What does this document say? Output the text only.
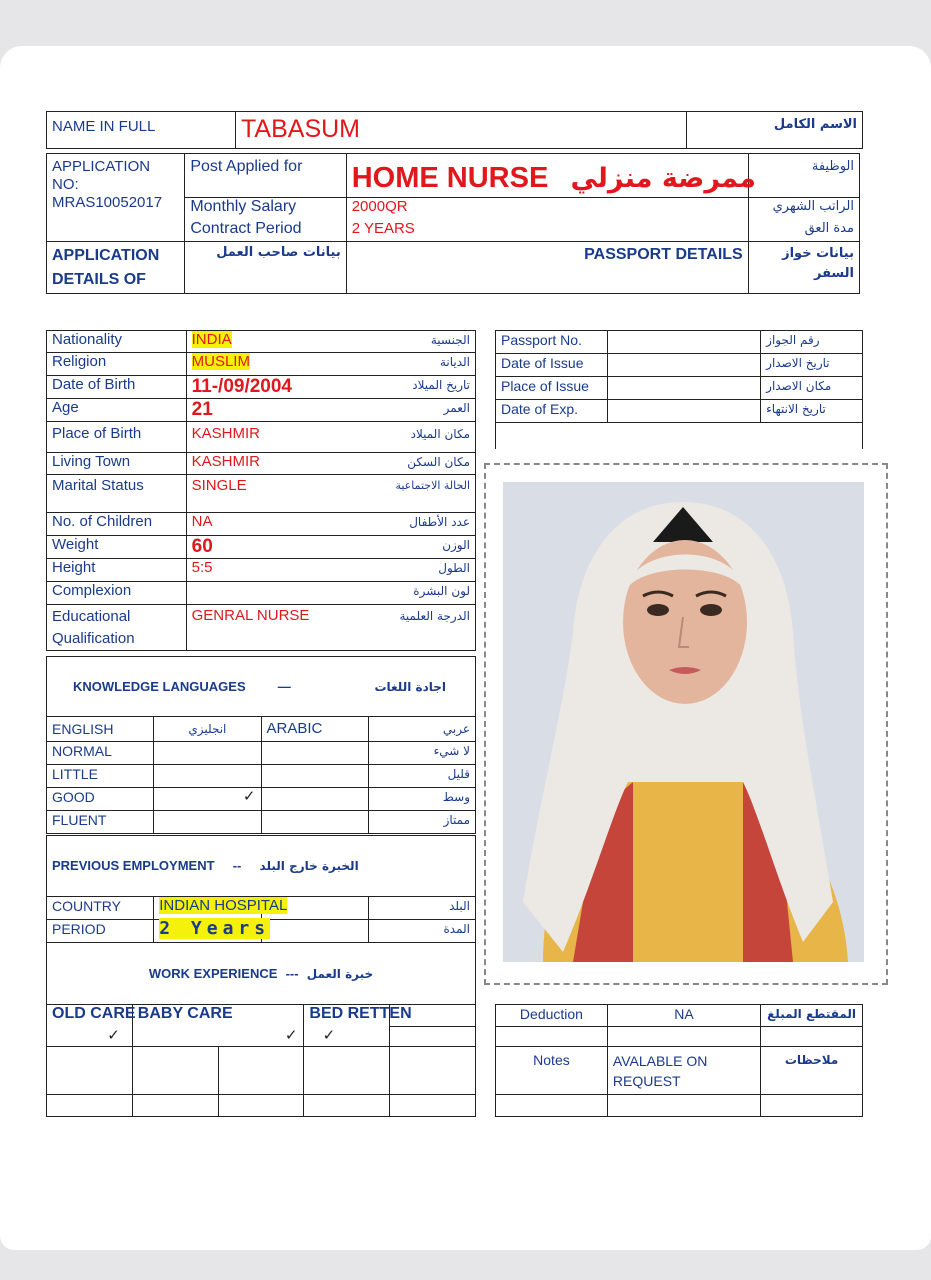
NAME IN FULL	TABASUM	الاسم الكامل
APPLICATION NO:
MRAS10052017	Post Applied for	HOME NURSE ممرضة منزلي	الوظيفة
	Monthly Salary	2000QR	الراتب الشهري
	Contract Period	2 YEARS	مدة العق
APPLICATION DETAILS OF	بيانات صاحب العمل	PASSPORT DETAILS	بيانات خواز السفر
Nationality	INDIA	الجنسية
Religion	MUSLIM	الديانة
Date of Birth	11-/09/2004	تاريخ الميلاد
Age	21	العمر
Place of Birth	KASHMIR	مكان الميلاد
Living Town	KASHMIR	مكان السكن
Marital Status	SINGLE	الحالة الاجتماعية
No. of Children	NA	عدد الأطفال
Weight	60	الوزن
Height	5:5	الطول
Complexion		لون البشرة
Educational Qualification	GENRAL NURSE	الدرجة العلمية
KNOWLEDGE LANGUAGES — اجادة اللغات			

ENGLISH	انجليزي	ARABIC	عربي
NORMAL			لا شيء
LITTLE			قليل
GOOD	✓		وسط
FLUENT			ممتاز
PREVIOUS EMPLOYMENT -- الخبرة خارج البلد			
COUNTRY	INDIAN HOSPITAL		البلد
PERIOD	2 Years		المدة
WORK EXPERIENCE --- خبرة العمل				
OLD CARE	BABY CARE		BED RETTEN	
✓	✓		✓	

Passport No.		رقم الجواز
Date of Issue		تاريخ الاصدار
Place of Issue		مكان الاصدار
Date of Exp.		تاريخ الانتهاء

Deduction	NA	المقتطع المبلغ

Notes	AVALABLE ON REQUEST	ملاحظات
